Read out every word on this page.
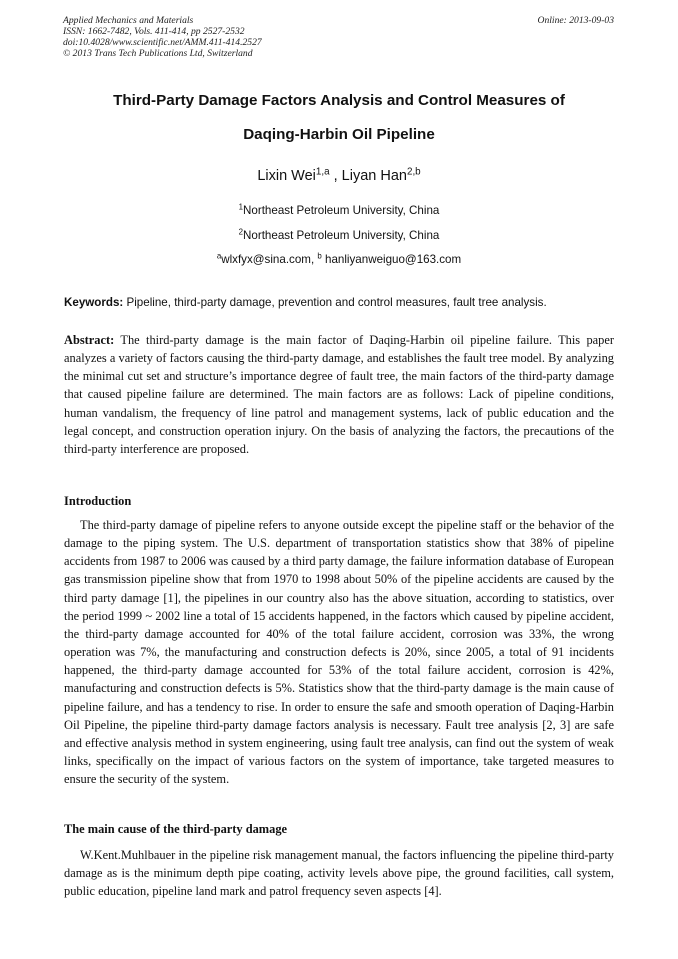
Applied Mechanics and Materials
ISSN: 1662-7482, Vols. 411-414, pp 2527-2532
doi:10.4028/www.scientific.net/AMM.411-414.2527
© 2013 Trans Tech Publications Ltd, Switzerland
Online: 2013-09-03
Third-Party Damage Factors Analysis and Control Measures of
Daqing-Harbin Oil Pipeline
Lixin Wei$^{1,a}$ , Liyan Han$^{2,b}$
$^1$Northeast Petroleum University, China
$^2$Northeast Petroleum University, China
$^a$wlxfyx@sina.com, $^b$ hanliyanweiguo@163.com
Keywords: Pipeline, third-party damage, prevention and control measures, fault tree analysis.

Abstract: The third-party damage is the main factor of Daqing-Harbin oil pipeline failure. This paper analyzes a variety of factors causing the third-party damage, and establishes the fault tree model. By analyzing the minimal cut set and structure’s importance degree of fault tree, the main factors of the third-party damage that caused pipeline failure are determined. The main factors are as follows: Lack of pipeline conditions, human vandalism, the frequency of line patrol and management systems, lack of public education and the legal concept, and construction operation injury. On the basis of analyzing the factors, the precautions of the third-party interference are proposed.

Introduction

The third-party damage of pipeline refers to anyone outside except the pipeline staff or the behavior of the damage to the piping system. The U.S. department of transportation statistics show that 38% of pipeline accidents from 1987 to 2006 was caused by a third party damage, the failure information database of European gas transmission pipeline show that from 1970 to 1998 about 50% of the pipeline accidents are caused by the third party damage [1], the pipelines in our country also has the above situation, according to statistics, over the period 1999 ~ 2002 line a total of 15 accidents happened, in the factors which caused by pipeline accident, the third-party damage accounted for 40% of the total failure accident, corrosion was 33%, the wrong operation was 7%, the manufacturing and construction defects is 20%, since 2005, a total of 91 incidents happened, the third-party damage accounted for 53% of the total failure accident, corrosion is 42%, manufacturing and construction defects is 5%. Statistics show that the third-party damage is the main cause of pipeline failure, and has a tendency to rise. In order to ensure the safe and smooth operation of Daqing-Harbin Oil Pipeline, the pipeline third-party damage factors analysis is necessary. Fault tree analysis [2, 3] are safe and effective analysis method in system engineering, using fault tree analysis, can find out the system of weak links, specifically on the impact of various factors on the system of importance, take targeted measures to ensure the security of the system.

The main cause of the third-party damage

W.Kent.Muhlbauer in the pipeline risk management manual, the factors influencing the pipeline third-party damage as is the minimum depth pipe coating, activity levels above pipe, the ground facilities, call system, public education, pipeline land mark and patrol frequency seven aspects [4].
